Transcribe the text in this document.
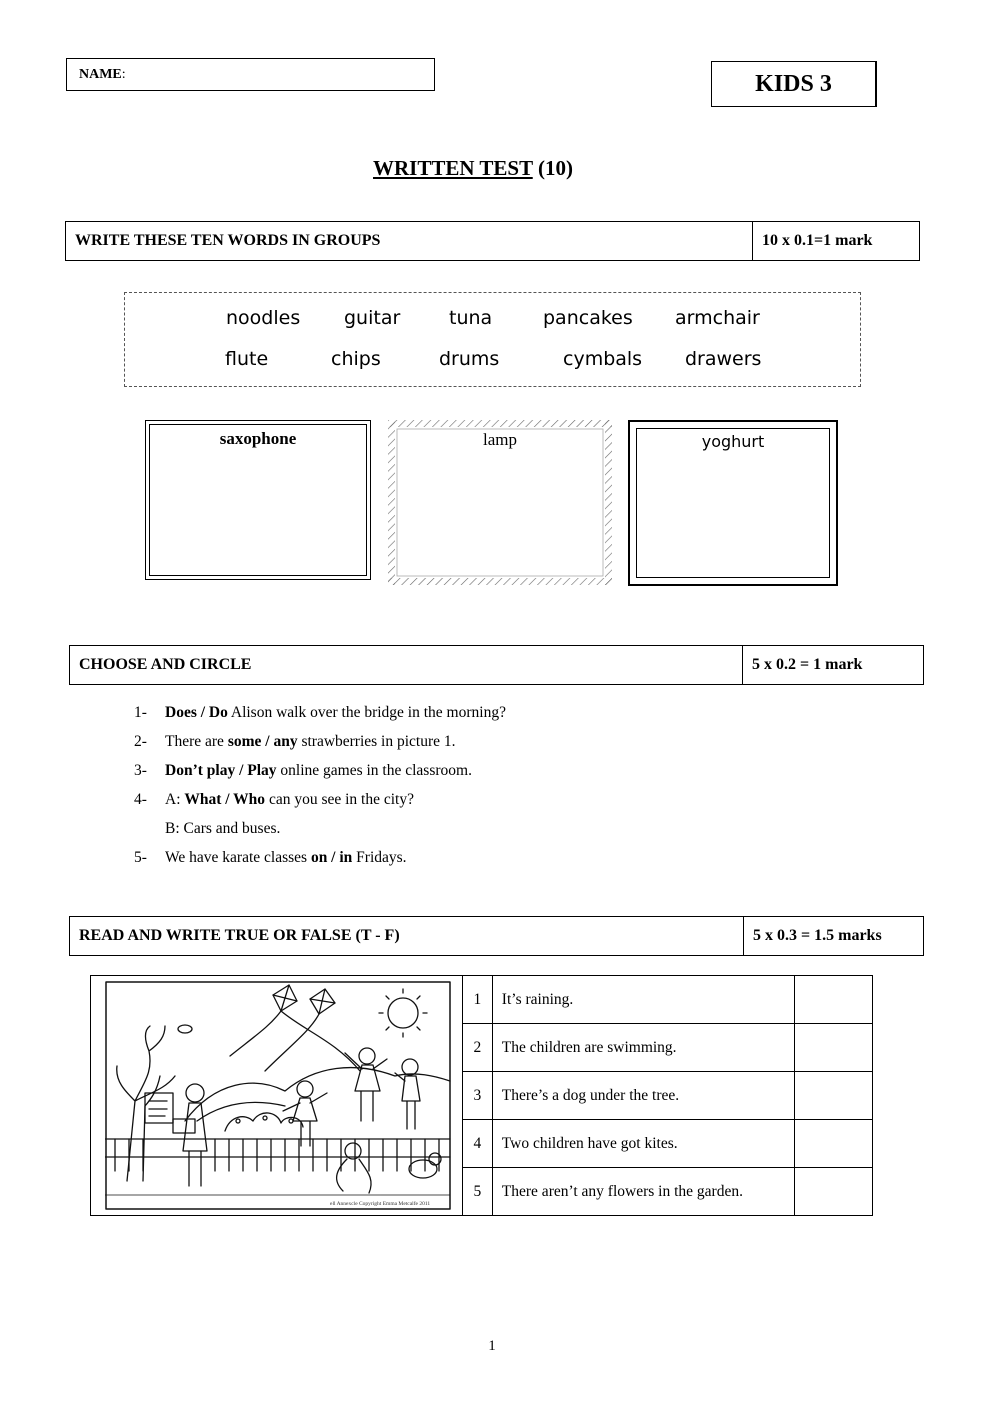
NAME:	KIDS 3
WRITTEN TEST (10)
WRITE THESE TEN WORDS IN GROUPS	10 x 0.1=1 mark
noodles guitar	tuna	pancakes armchair
flute	chips	drums	cymbals drawers
saxophone	lamp	yoghurt
CHOOSE AND CIRCLE	5 x 0.2 = 1 mark
1-	Does / Do Alison walk over the bridge in the morning?
2-	There are some / any strawberries in picture 1.
3-	Don’t play / Play online games in the classroom.
4-	A: What / Who can you see in the city?
B: Cars and buses.
5-	We have karate classes on / in Fridays.
READ AND WRITE TRUE OR FALSE (T - F)	5 x 0.3 = 1.5 marks
ell Annexcle Copyright Emma Metcalfe 2011
1	It’s raining.	
2	The children are swimming.	
3	There’s a dog under the tree.	
4	Two children have got kites.	
5	There aren’t any flowers in the garden.	
1
